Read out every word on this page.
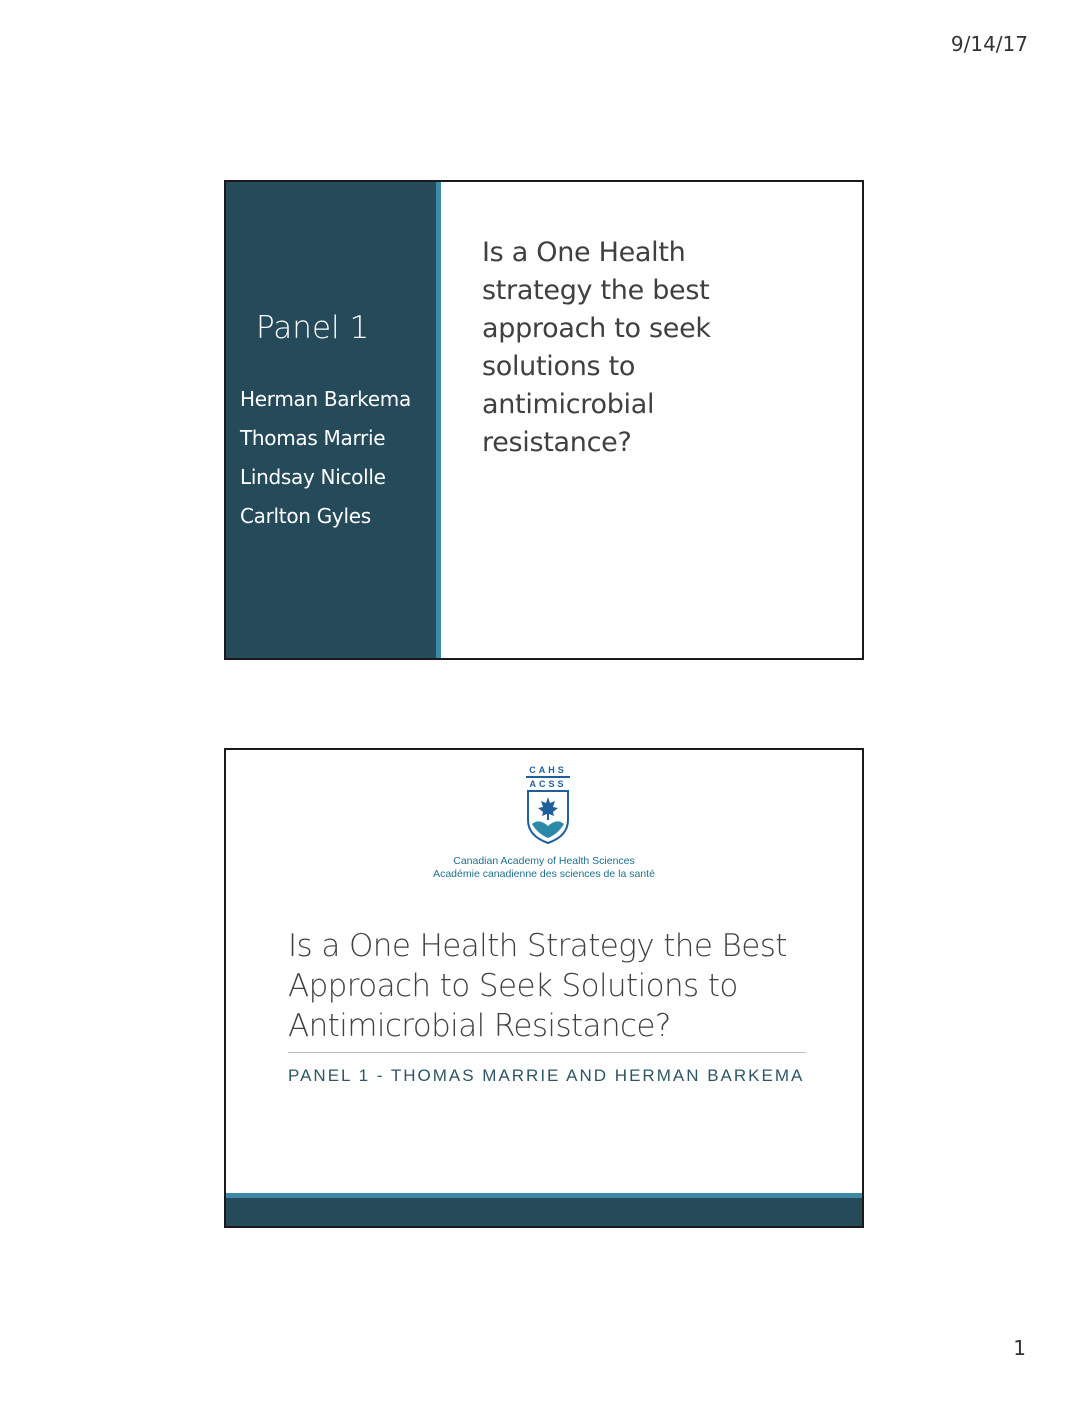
9/14/17
Panel 1
Herman Barkema
Thomas Marrie
Lindsay Nicolle
Carlton Gyles
Is a One Health
strategy the best
approach to seek
solutions to
antimicrobial
resistance?
CAHS
ACSS
Canadian Academy of Health Sciences
Académie canadienne des sciences de la santé
Is a One Health Strategy the Best
Approach to Seek Solutions to
Antimicrobial Resistance?
PANEL 1 - THOMAS MARRIE AND HERMAN BARKEMA
1
